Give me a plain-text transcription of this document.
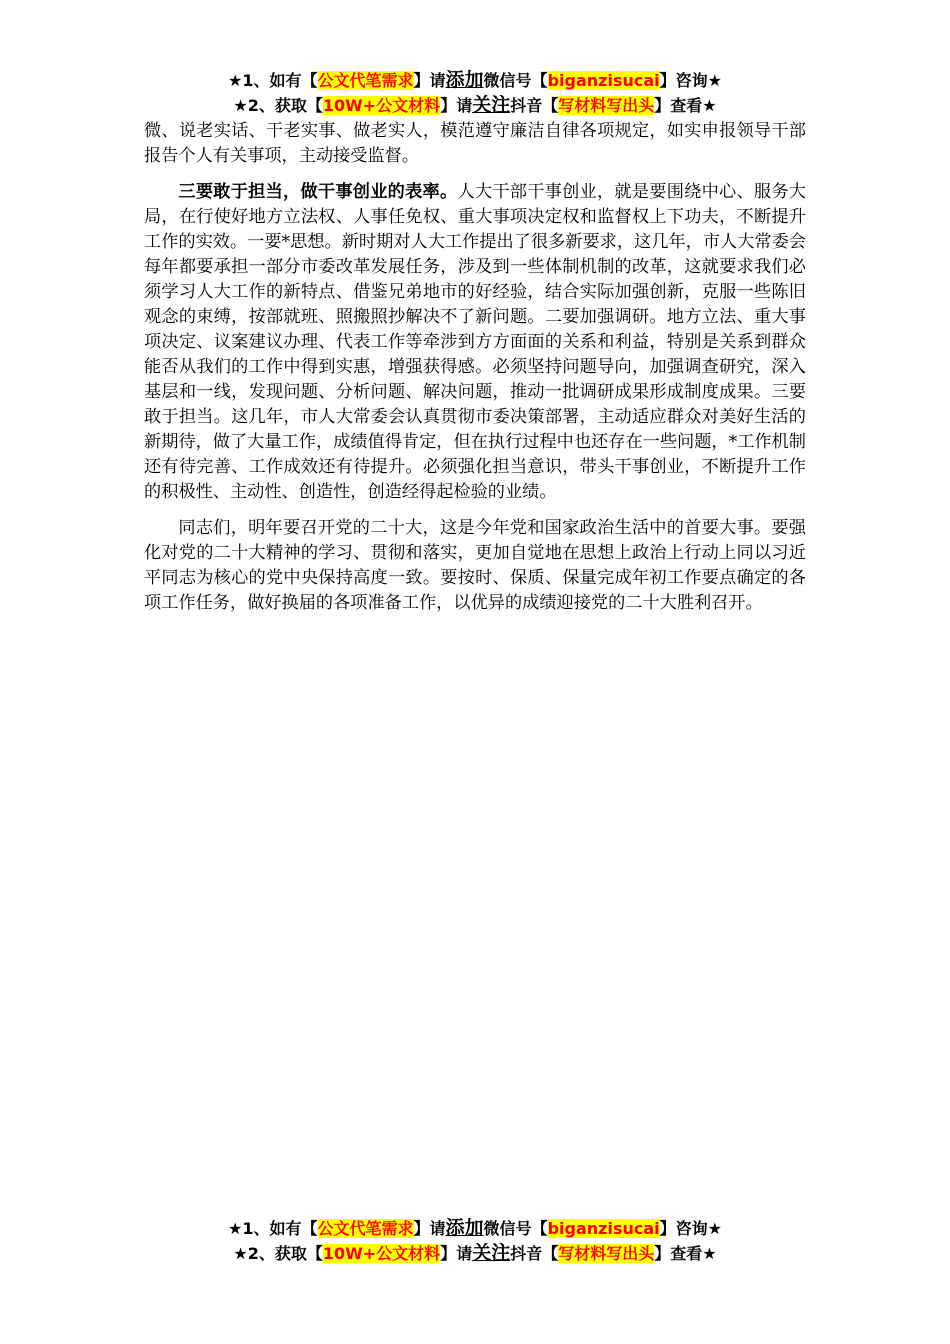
★1、如有【公文代笔需求】请添加微信号【biganzisucai】咨询★
★2、获取【10W+公文材料】请关注抖音【写材料写出头】查看★

微、说老实话、干老实事、做老实人，模范遵守廉洁自律各项规定，如实申报领导干部报告个人有关事项，主动接受监督。

三要敢于担当，做干事创业的表率。人大干部干事创业，就是要围绕中心、服务大局，在行使好地方立法权、人事任免权、重大事项决定权和监督权上下功夫，不断提升工作的实效。一要*思想。新时期对人大工作提出了很多新要求，这几年，市人大常委会每年都要承担一部分市委改革发展任务，涉及到一些体制机制的改革，这就要求我们必须学习人大工作的新特点、借鉴兄弟地市的好经验，结合实际加强创新，克服一些陈旧观念的束缚，按部就班、照搬照抄解决不了新问题。二要加强调研。地方立法、重大事项决定、议案建议办理、代表工作等牵涉到方方面面的关系和利益，特别是关系到群众能否从我们的工作中得到实惠，增强获得感。必须坚持问题导向，加强调查研究，深入基层和一线，发现问题、分析问题、解决问题，推动一批调研成果形成制度成果。三要敢于担当。这几年，市人大常委会认真贯彻市委决策部署，主动适应群众对美好生活的新期待，做了大量工作，成绩值得肯定，但在执行过程中也还存在一些问题，*工作机制还有待完善、工作成效还有待提升。必须强化担当意识，带头干事创业，不断提升工作的积极性、主动性、创造性，创造经得起检验的业绩。

同志们，明年要召开党的二十大，这是今年党和国家政治生活中的首要大事。要强化对党的二十大精神的学习、贯彻和落实，更加自觉地在思想上政治上行动上同以习近平同志为核心的党中央保持高度一致。要按时、保质、保量完成年初工作要点确定的各项工作任务，做好换届的各项准备工作，以优异的成绩迎接党的二十大胜利召开。

★1、如有【公文代笔需求】请添加微信号【biganzisucai】咨询★
★2、获取【10W+公文材料】请关注抖音【写材料写出头】查看★
